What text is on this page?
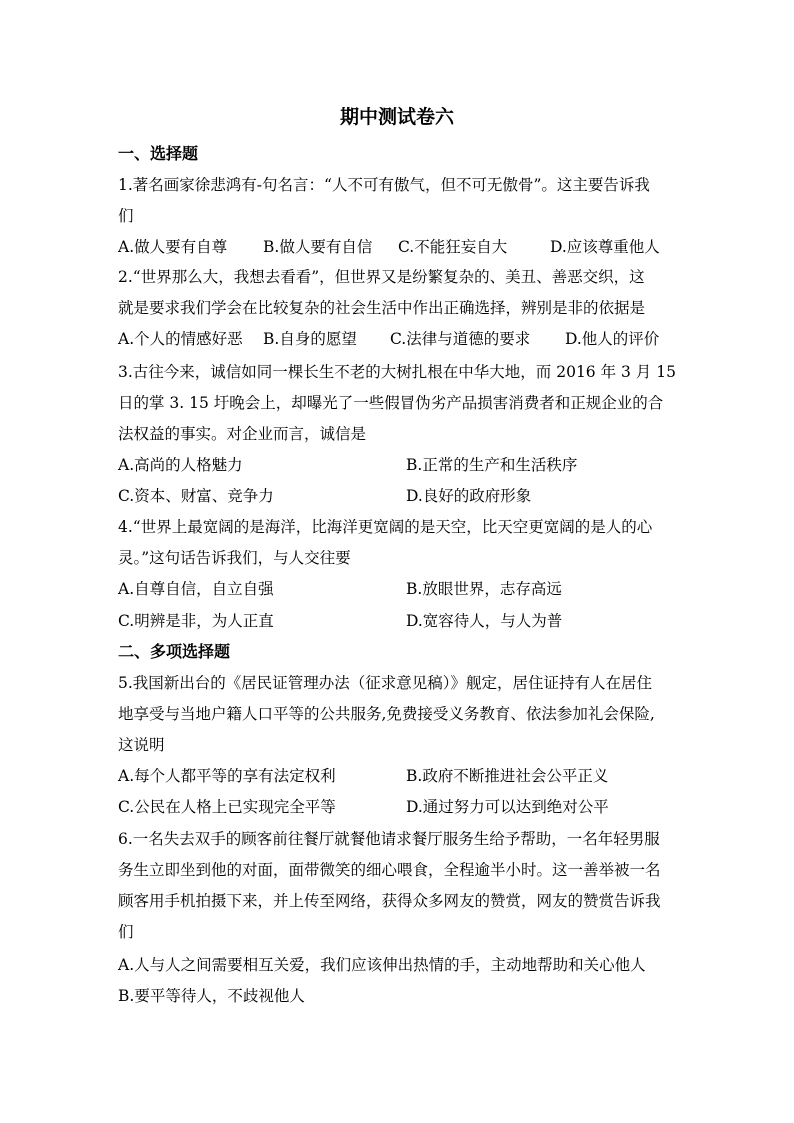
期中测试卷六
一、选择题
1.著名画家徐悲鸿有-句名言：“人不可有傲气，但不可无傲骨”。这主要告诉我
们
A.做人要有自尊 B.做人要有自信 C.不能狂妄自大	D.应该尊重他人
2.“世界那么大，我想去看看”，但世界又是纷繁复杂的、美丑、善恶交织，这
就是要求我们学会在比较复杂的社会生活中作出正确选择，辨别是非的依据是
A.个人的情感好恶 B.自身的愿望 C.法律与道德的要求 D.他人的评价
3.古往今来，诚信如同一棵长生不老的大树扎根在中华大地，而 2016 年 3 月 15
日的掌 3. 15 圩晚会上，却曝光了一些假冒伪劣产品损害消费者和正规企业的合
法权益的事实。对企业而言，诚信是
A.高尚的人格魅力	B.正常的生产和生活秩序
C.资本、财富、竞争力	D.良好的政府形象
4.“世界上最宽阔的是海洋，比海洋更宽阔的是天空，比天空更宽阔的是人的心
灵。”这句话告诉我们，与人交往要
A.自尊自信，自立自强	B.放眼世界，志存高远
C.明辨是非，为人正直	D.宽容待人，与人为普
二、多项选择题
5.我国新出台的《居民证管理办法（征求意见稿）》舰定，居住证持有人在居住
地享受与当地户籍人口平等的公共服务,免费接受义务教育、依法参加礼会保险,
这说明
A.每个人都平等的享有法定权利	B.政府不断推进社会公平正义
C.公民在人格上已实现完全平等	D.通过努力可以达到绝对公平
6.一名失去双手的顾客前往餐厅就餐他请求餐厅服务生给予帮助，一名年轻男服
务生立即坐到他的对面，面带微笑的细心喂食，全程逾半小时。这一善举被一名
顾客用手机拍摄下来，并上传至网络，获得众多网友的赞赏，网友的赞赏告诉我
们
A.人与人之间需要相互关爱，我们应该伸出热情的手，主动地帮助和关心他人
B.要平等待人，不歧视他人
